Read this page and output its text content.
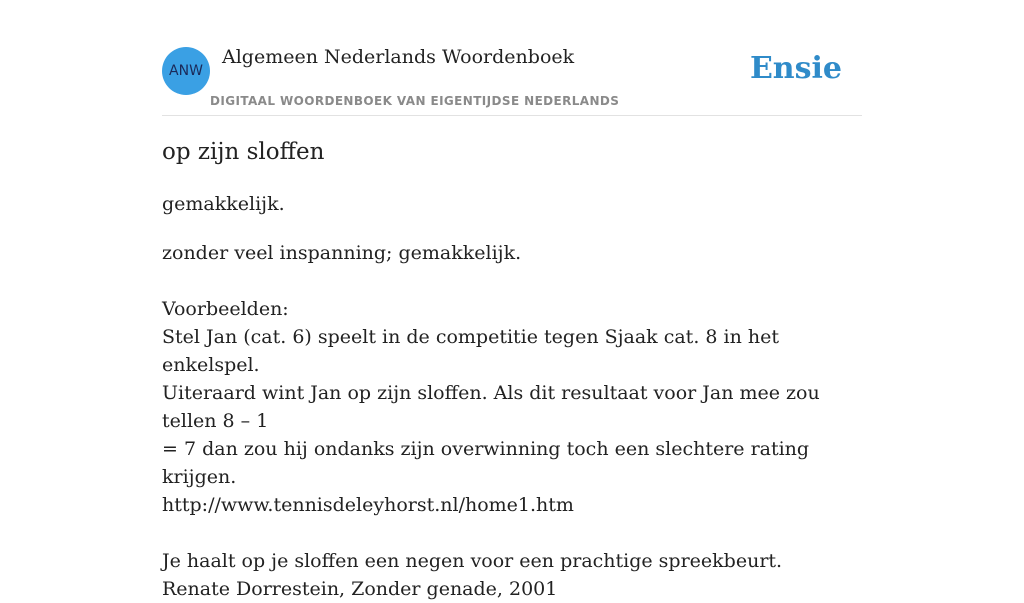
ANW
Algemeen Nederlands Woordenboek
DIGITAAL WOORDENBOEK VAN EIGENTIJDSE NEDERLANDS
Ensie
op zijn sloffen

gemakkelijk.

zonder veel inspanning; gemakkelijk.

Voorbeelden:

Stel Jan (cat. 6) speelt in de competitie tegen Sjaak cat. 8 in het enkelspel.

Uiteraard wint Jan op zijn sloffen. Als dit resultaat voor Jan mee zou tellen 8 – 1

= 7 dan zou hij ondanks zijn overwinning toch een slechtere rating krijgen.

http://www.tennisdeleyhorst.nl/home1.htm

Je haalt op je sloffen een negen voor een prachtige spreekbeurt.

Renate Dorrestein, Zonder genade, 2001
